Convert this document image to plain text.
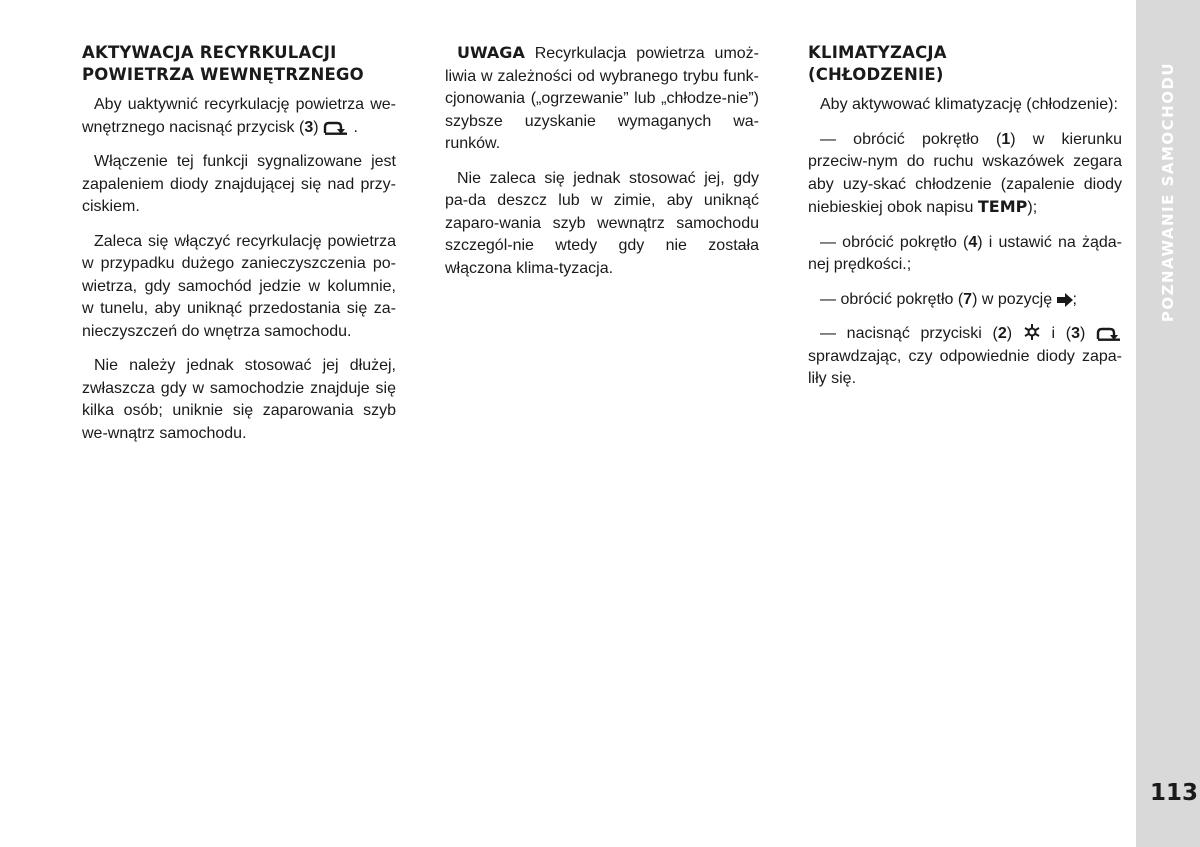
AKTYWACJA RECYRKULACJI
POWIETRZA WEWNĘTRZNEGO

Aby uaktywnić recyrkulację powietrza we-wnętrznego nacisnąć przycisk (3)
.

Włączenie tej funkcji sygnalizowane jest zapaleniem diody znajdującej się nad przy-ciskiem.

Zaleca się włączyć recyrkulację powietrza w przypadku dużego zanieczyszczenia po-wietrza, gdy samochód jedzie w kolumnie, w tunelu, aby uniknąć przedostania się za-nieczyszczeń do wnętrza samochodu.

Nie należy jednak stosować jej dłużej, zwłaszcza gdy w samochodzie znajduje się kilka osób; uniknie się zaparowania szyb we-wnątrz samochodu.

UWAGA Recyrkulacja powietrza umoż-liwia w zależności od wybranego trybu funk-cjonowania („ogrzewanie” lub „chłodze-nie”) szybsze uzyskanie wymaganych wa-runków.

Nie zaleca się jednak stosować jej, gdy pa-da deszcz lub w zimie, aby uniknąć zaparo-wania szyb wewnątrz samochodu szczegól-nie wtedy gdy nie została włączona klima-tyzacja.

KLIMATYZACJA
(CHŁODZENIE)

Aby aktywować klimatyzację (chłodzenie):

— obrócić pokrętło (1) w kierunku przeciw-nym do ruchu wskazówek zegara aby uzy-skać chłodzenie (zapalenie diody niebieskiej obok napisu TEMP);

— obrócić pokrętło (4) i ustawić na żąda-nej prędkości.;

— obrócić pokrętło (7) w pozycję
;

— nacisnąć przyciski (2)
i (3)
sprawdzając, czy odpowiednie diody zapa-liły się.

POZNAWANIE SAMOCHODU
113
